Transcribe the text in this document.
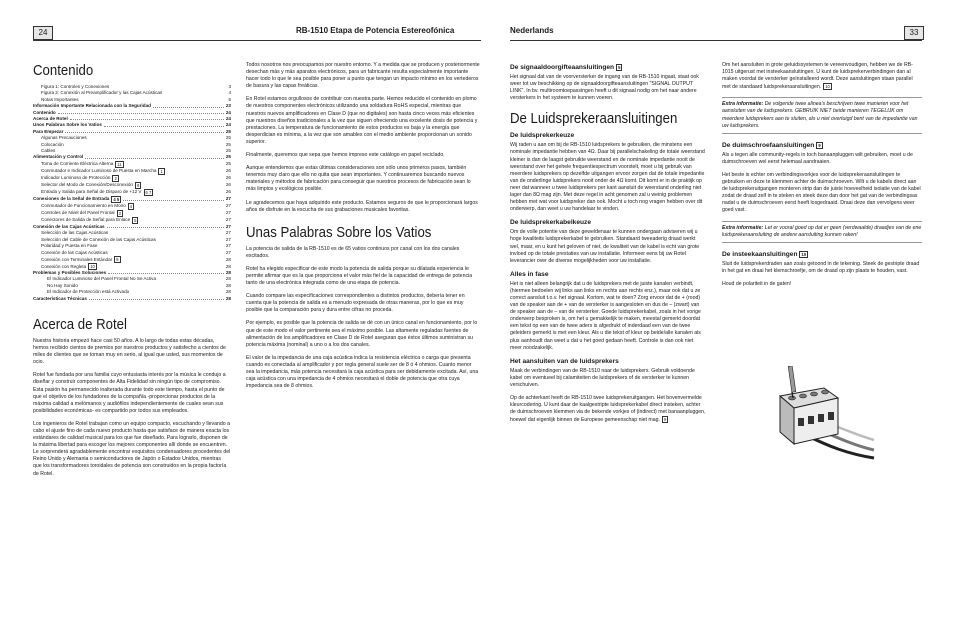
24	RB-1510 Etapa de Potencia Estereofónica	Nederlands	33
Contenido
Figura 1: Controles y Conexiones	3
Figura 2: Conexión al Preamplificador y las Cajas Acústicas	4
Notas Importantes	5
Información Importante Relacionada con la Seguridad	23
Contenido	24
Acerca de Rotel	24
Unos Palabras Sobre los Vatios	24
Para Empezar	25
Algunas Precauciones	25
Colocación	25
Cables	25
Alimentación y Control	25
Toma de Corriente Eléctrica Alterna 11	25
Conmutador e Indicador Luminoso de Puesta en Marcha 1	26
Indicador Luminoso de Protección 2	26
Selector del Modo de Conexión/Desconexión 8	26
Entrada y Salida para Señal de Disparo de +12 V 6 7	26
Conexiones de la Señal de Entrada 4 5	27
Conmutador de Funcionamiento en Mono 4	27
Controles de Nivel del Panel Frontal 3	27
Conectores de Salida de Señal para Enlace 5	27
Conexión de las Cajas Acústicas	27
Selección de las Cajas Acústicas	27
Selección del Cable de Conexión de las Cajas Acústicas	27
Polaridad y Puesta en Fase	27
Conexión de las Cajas Acústicas	27
Conexión con Terminales Estándar 9	28
Conexión con Regleta 10	28
Problemas y Posibles Soluciones	28
El Indicador Luminoso del Panel Frontal No Se Activa	28
No Hay Sonido	28
El Indicador de Protección está Activado	28
Características Técnicas	28
Acerca de Rotel

Nuestra historia empezó hace casi 50 años. A lo largo de todas estas décadas, hemos recibido cientos de premios por nuestros productos y satisfecho a cientos de miles de clientes que se toman muy en serio, al igual que usted, sus momentos de ocio.

Rotel fue fundada por una familia cuyo entusiasta interés por la música le condujo a diseñar y construir componentes de Alta Fidelidad sin ningún tipo de compromiso. Esta pasión ha permanecido inalterada durante todo este tiempo, hasta el punto de que el objetivo de los fundadores de la compañía -proporcionar productos de la máxima calidad a melómanos y audiófilos independientemente de cuales sean sus posibilidades económicas- es compartido por todos sus empleados.

Los ingenieros de Rotel trabajan como un equipo compacto, escuchando y llevando a cabo el ajuste fino de cada nuevo producto hasta que satisface de manera exacta los estándares de calidad musical para los que fue diseñado. Para lograrlo, disponen de la máxima libertad para escoger los mejores componentes allí donde se encuentren. Le sorprenderá agradablemente encontrar exquisitos condensadores procedentes del Reino Unido y Alemania o semiconductores de Japón o Estados Unidos, mientras que los transformadores toroidales de potencia son construidos en la propia factoría de Rotel.

Todos nosotros nos preocupamos por nuestro entorno. Y a medida que se producen y posteriormente desechan más y más aparatos electrónicos, para un fabricante resulta especialmente importante hacer todo lo que le sea posible para poner a punto que tengan un impacto mínimo en los vertederos de basura y las capas freáticas.

En Rotel estamos orgullosos de contribuir con nuestra parte. Hemos reducido el contenido en plomo de nuestros componentes electrónicos utilizando una soldadura RoHS especial, mientras que nuestros nuevos amplificadores en Clase D (que no digitales) son hasta cinco veces más eficientes que nuestros diseños tradicionales a la vez que siguen ofreciendo una excelente dosis de potencia y prestaciones. La temperatura de funcionamiento de estos productos es baja y la energía que desperdician es mínima, a la vez que son amables con el medio ambiente proporcionan un sonido superior.

Finalmente, queremos que sepa que hemos impreso este catálogo en papel reciclado.

Aunque entendemos que estas últimas consideraciones son sólo unos primeros pasos, también tenemos muy claro que ello no quita que sean importantes. Y continuaremos buscando nuevos materiales y métodos de fabricación para conseguir que nuestros procesos de fabricación sean lo más limpios y ecológicos posible.

Le agradecemos que haya adquirido este producto. Estamos seguros de que le proporcionará largos años de disfrute en la escucha de sus grabaciones musicales favoritas.

Unas Palabras Sobre los Vatios

La potencia de salida de la RB-1510 es de 65 vatios continuos por canal con los dos canales excitados.

Rotel ha elegido especificar de este modo la potencia de salida porque su dilatada experiencia le permite afirmar que es la que proporciona el valor más fiel de la capacidad de entrega de potencia tanto de una electrónica integrada como de una etapa de potencia.

Cuando compare las especificaciones correspondientes a distintos productos, debería tener en cuenta que la potencia de salida es a menudo expresada de otras maneras, por lo que es muy posible que la comparación pura y dura entre cifras no proceda.

Por ejemplo, es posible que la potencia de salida se dé con un único canal en funcionamiento, por lo que de este modo el valor pertinente sea el máximo posible. Las altamente reguladas fuentes de alimentación de los amplificadores en Clase D de Rotel aseguran que éstos últimos suministran su potencia máxima (nominal) a uno o a los dos canales.

El valor de la impedancia de una caja acústica indica la resistencia eléctrica o carga que presenta cuando es conectada al amplificador y por regla general suele ser de 8 ó 4 ohmios. Cuanto menor sea la impedancia, más potencia necesitará la caja acústica para ser debidamente excitada. Así, una caja acústica con una impedancia de 4 ohmios necesitará el doble de potencia que otra cuya impedancia sea de 8 ohmios.

De signaaldoorgifteaansluitingen 5

Het signaal dat van de voorversterker de ingang van de RB-1510 ingaat, staat ook weer tot uw beschikking op de signaaldoorgifteaansluitingen "SIGNAL OUTPUT LINK". In bv. multiroomtoepassingen heeft u dit signaal nodig om het naar andere versterkers in het systeem te kunnen voeren.

De Luidsprekeraansluitingen
De luidsprekerkeuze

Wij raden u aan om bij de RB-1510 luidsprekers te gebruiken, die minstens een nominale impedantie hebben van 4Ω. Daar bij parallelschakeling de totale weerstand kleiner is dan de laagst gebruikte weerstand en de nominale impedantie nooit de weerstand over het gehele frequentiespectrum voorstelt, moet u bij gebruik van meerdere luidsprekers op dezelfde uitgangen ervoor zorgen dat de totale impedantie van de onderlinge luidsprekers nooit onder de 4Ω komt. Dit komt er in de praktijk op neer dat wanneer u twee luidsprekers per kant aansluit de weerstand onderling niet lager dan 8Ω mag zijn. Met deze regel in acht genomen zal u weinig problemen hebben met wat voor luidspreker dan ook. Mocht u toch nog vragen hebben over dit onderwerp, dan weet u uw handelaar te vinden.

De luidsprekerkabelkeuze

Om de volle potentie van deze geweldenaar te kunnen ondergaan adviseren wij u hoge kwaliteits luidsprekerkabel te gebruiken. Standaard tweeaderig draad werkt wel, maar, en u kunt het geloven of niet, de kwaliteit van de kabel is echt van grote invloed op de totale prestaties van uw installatie. Informeer eens bij uw Rotel leverancier over de diverse mogelijkheden voor uw installatie.

Alles in fase

Het is niet alleen belangrijk dat u de luidsprekers met de juiste kanalen verbindt, (hiermee bedoelen wij links aan links en rechts aan rechts enz.), maar ook dat u ze correct aansluit t.o.v. het signaal. Kortom, wat te doen? Zorg ervoor dat de + (rood) van de speaker aan de + van de versterker is aangesloten en dus de – (zwart) van de speaker aan de – van de versterker. Goede luidsprekerkabel, zoals in het vorige onderwerp besproken is, om het u gemakkelijk te maken, meestal gemerkt doordat een tekst op een van de twee aders is afgedrukt of inderdaad een van de twee geleiders gemerkt is met een kleur. Als u die tekst of kleur op beide/alle kanalen als plus aanhoudt dan weet u dat u het goed gedaan heeft. Controle is dan ook niet meer noodzakelijk.

Het aansluiten van de luidsprekers

Maak de verbindingen van de RB-1510 naar de luidsprekers. Gebruik voldoende kabel om eventueel bij calamiteiten de luidsprekers of de versterker te kunnen verschuiven.

Op de achterkant heeft de RB-1510 twee luidsprekeruitgangen. Het bovenvermelde kleurcodering. U kunt daar de kaalgestripte luidsprekerkabel direct insteken, achter de duimschroeven klemmen via de bekende vorkjes of (indirect) met banaanpluggen, hoewel dat eigenlijk binnen de Europese gemeenschap niet mag. 9

Om het aansluiten in grote geluidssystemen te vereenvoudigen, hebben we de RB-1015 uitgerust met insteekaansluitingen. U kunt de luidsprekerverbindingen dan al maken voordat de versterker geïnstalleerd wordt. Deze aansluitingen staan parallel met de standaard luidsprekeraansluitingen. 10

Extra informatie: De volgende twee alinea's beschrijven twee manieren voor het aansluiten van de luidsprekers. GEBRUIK NIET beide manieren TEGELIJK om meerdere luidsprekers aan te sluiten, als u niet overtuigd bent van de impedantie van uw luidsprekers.
De duimschroefaansluitingen 9

Als u tegen alle community-regels in toch banaanpluggen wilt gebruiken, moet u de duimschroeven wel eerst helemaal aandraaien.

Het beste is echter om verbindingsvorkjes voor de luidsprekeraansluitingen te gebruiken en deze te klemmen achter de duimschroeven. Wilt u de kabels direct aan de luidsprekeruitgangen monteren strip dan de juiste hoeveelheid isolatie van de kabel zodat de draad zelf in te steken en steek deze dan door het gat van de verbindingsas nadat u de duimschroeven eerst heeft losgedraaid. Draai deze dan vervolgens weer goed vast.

Extra informatie: Let er vooral goed op dat er geen (verdwaalde) draadjes van de ene luidsprekeraansluiting de andere aansluiting kunnen raken!
De insteekaansluitingen 10

Sluit de luidsprekerdraden aan zoals getoond in de tekening. Steek de gestripte draad in het gat en draai het klemschroefje, om de draad op zijn plaats te houden, vast.

Houd de polariteit in de gaten!
